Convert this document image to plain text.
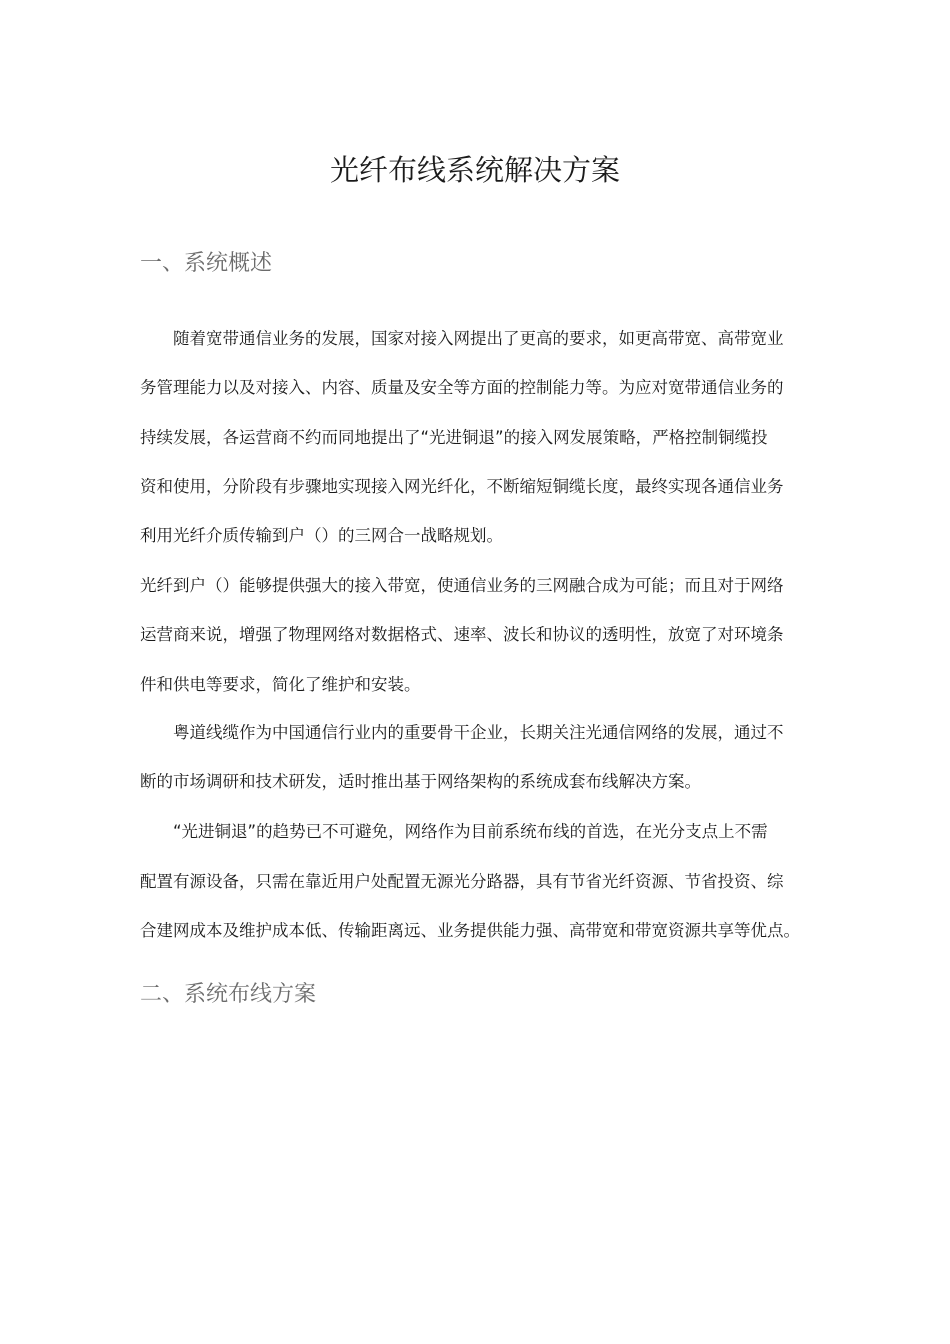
光纤布线系统解决方案
一、系统概述
　　随着宽带通信业务的发展，国家对接入网提出了更高的要求，如更高带宽、高带宽业
务管理能力以及对接入、内容、质量及安全等方面的控制能力等。为应对宽带通信业务的
持续发展，各运营商不约而同地提出了“光进铜退”的接入网发展策略，严格控制铜缆投
资和使用，分阶段有步骤地实现接入网光纤化，不断缩短铜缆长度，最终实现各通信业务
利用光纤介质传输到户（）的三网合一战略规划。
光纤到户（）能够提供强大的接入带宽，使通信业务的三网融合成为可能；而且对于网络
运营商来说，增强了物理网络对数据格式、速率、波长和协议的透明性，放宽了对环境条
件和供电等要求，简化了维护和安装。
　　粤道线缆作为中国通信行业内的重要骨干企业，长期关注光通信网络的发展，通过不
断的市场调研和技术研发，适时推出基于网络架构的系统成套布线解决方案。
　　“光进铜退”的趋势已不可避免，网络作为目前系统布线的首选，在光分支点上不需
配置有源设备，只需在靠近用户处配置无源光分路器，具有节省光纤资源、节省投资、综
合建网成本及维护成本低、传输距离远、业务提供能力强、高带宽和带宽资源共享等优点。
二、系统布线方案
